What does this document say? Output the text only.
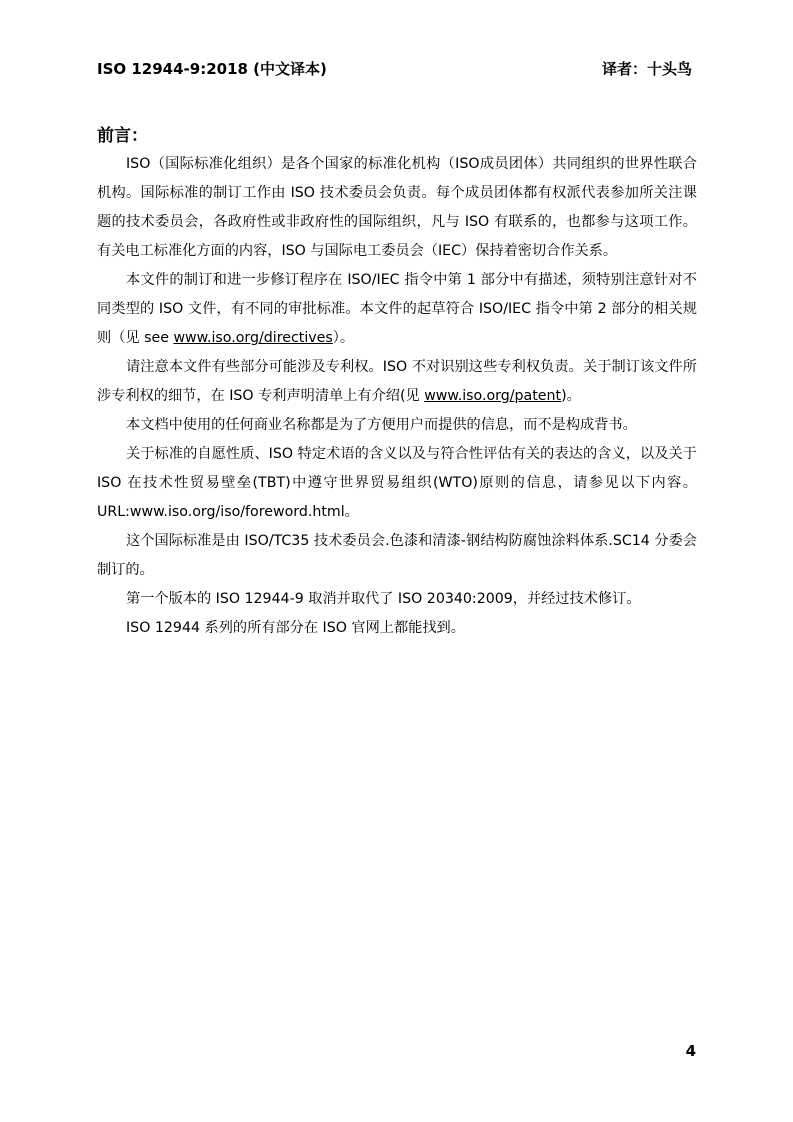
ISO 12944-9:2018 (中文译本)	译者：十头鸟
前言：

ISO（国际标准化组织）是各个国家的标准化机构（ISO成员团体）共同组织的世界性联合机构。国际标准的制订工作由 ISO 技术委员会负责。每个成员团体都有权派代表参加所关注课题的技术委员会，各政府性或非政府性的国际组织，凡与 ISO 有联系的，也都参与这项工作。有关电工标准化方面的内容，ISO 与国际电工委员会（IEC）保持着密切合作关系。

本文件的制订和进一步修订程序在 ISO/IEC 指令中第 1 部分中有描述，须特别注意针对不同类型的 ISO 文件，有不同的审批标准。本文件的起草符合 ISO/IEC 指令中第 2 部分的相关规则（见 see www.iso.org/directives）。

请注意本文件有些部分可能涉及专利权。ISO 不对识别这些专利权负责。关于制订该文件所涉专利权的细节，在 ISO 专利声明清单上有介绍(见 www.iso.org/patent)。

本文档中使用的任何商业名称都是为了方便用户而提供的信息，而不是构成背书。

关于标准的自愿性质、ISO 特定术语的含义以及与符合性评估有关的表达的含义，以及关于 ISO 在技术性贸易壁垒(TBT)中遵守世界贸易组织(WTO)原则的信息，请参见以下内容。URL:www.iso.org/iso/foreword.html。

这个国际标准是由 ISO/TC35 技术委员会.色漆和清漆-钢结构防腐蚀涂料体系.SC14 分委会制订的。

第一个版本的 ISO 12944-9 取消并取代了 ISO 20340:2009，并经过技术修订。

ISO 12944 系列的所有部分在 ISO 官网上都能找到。

4
